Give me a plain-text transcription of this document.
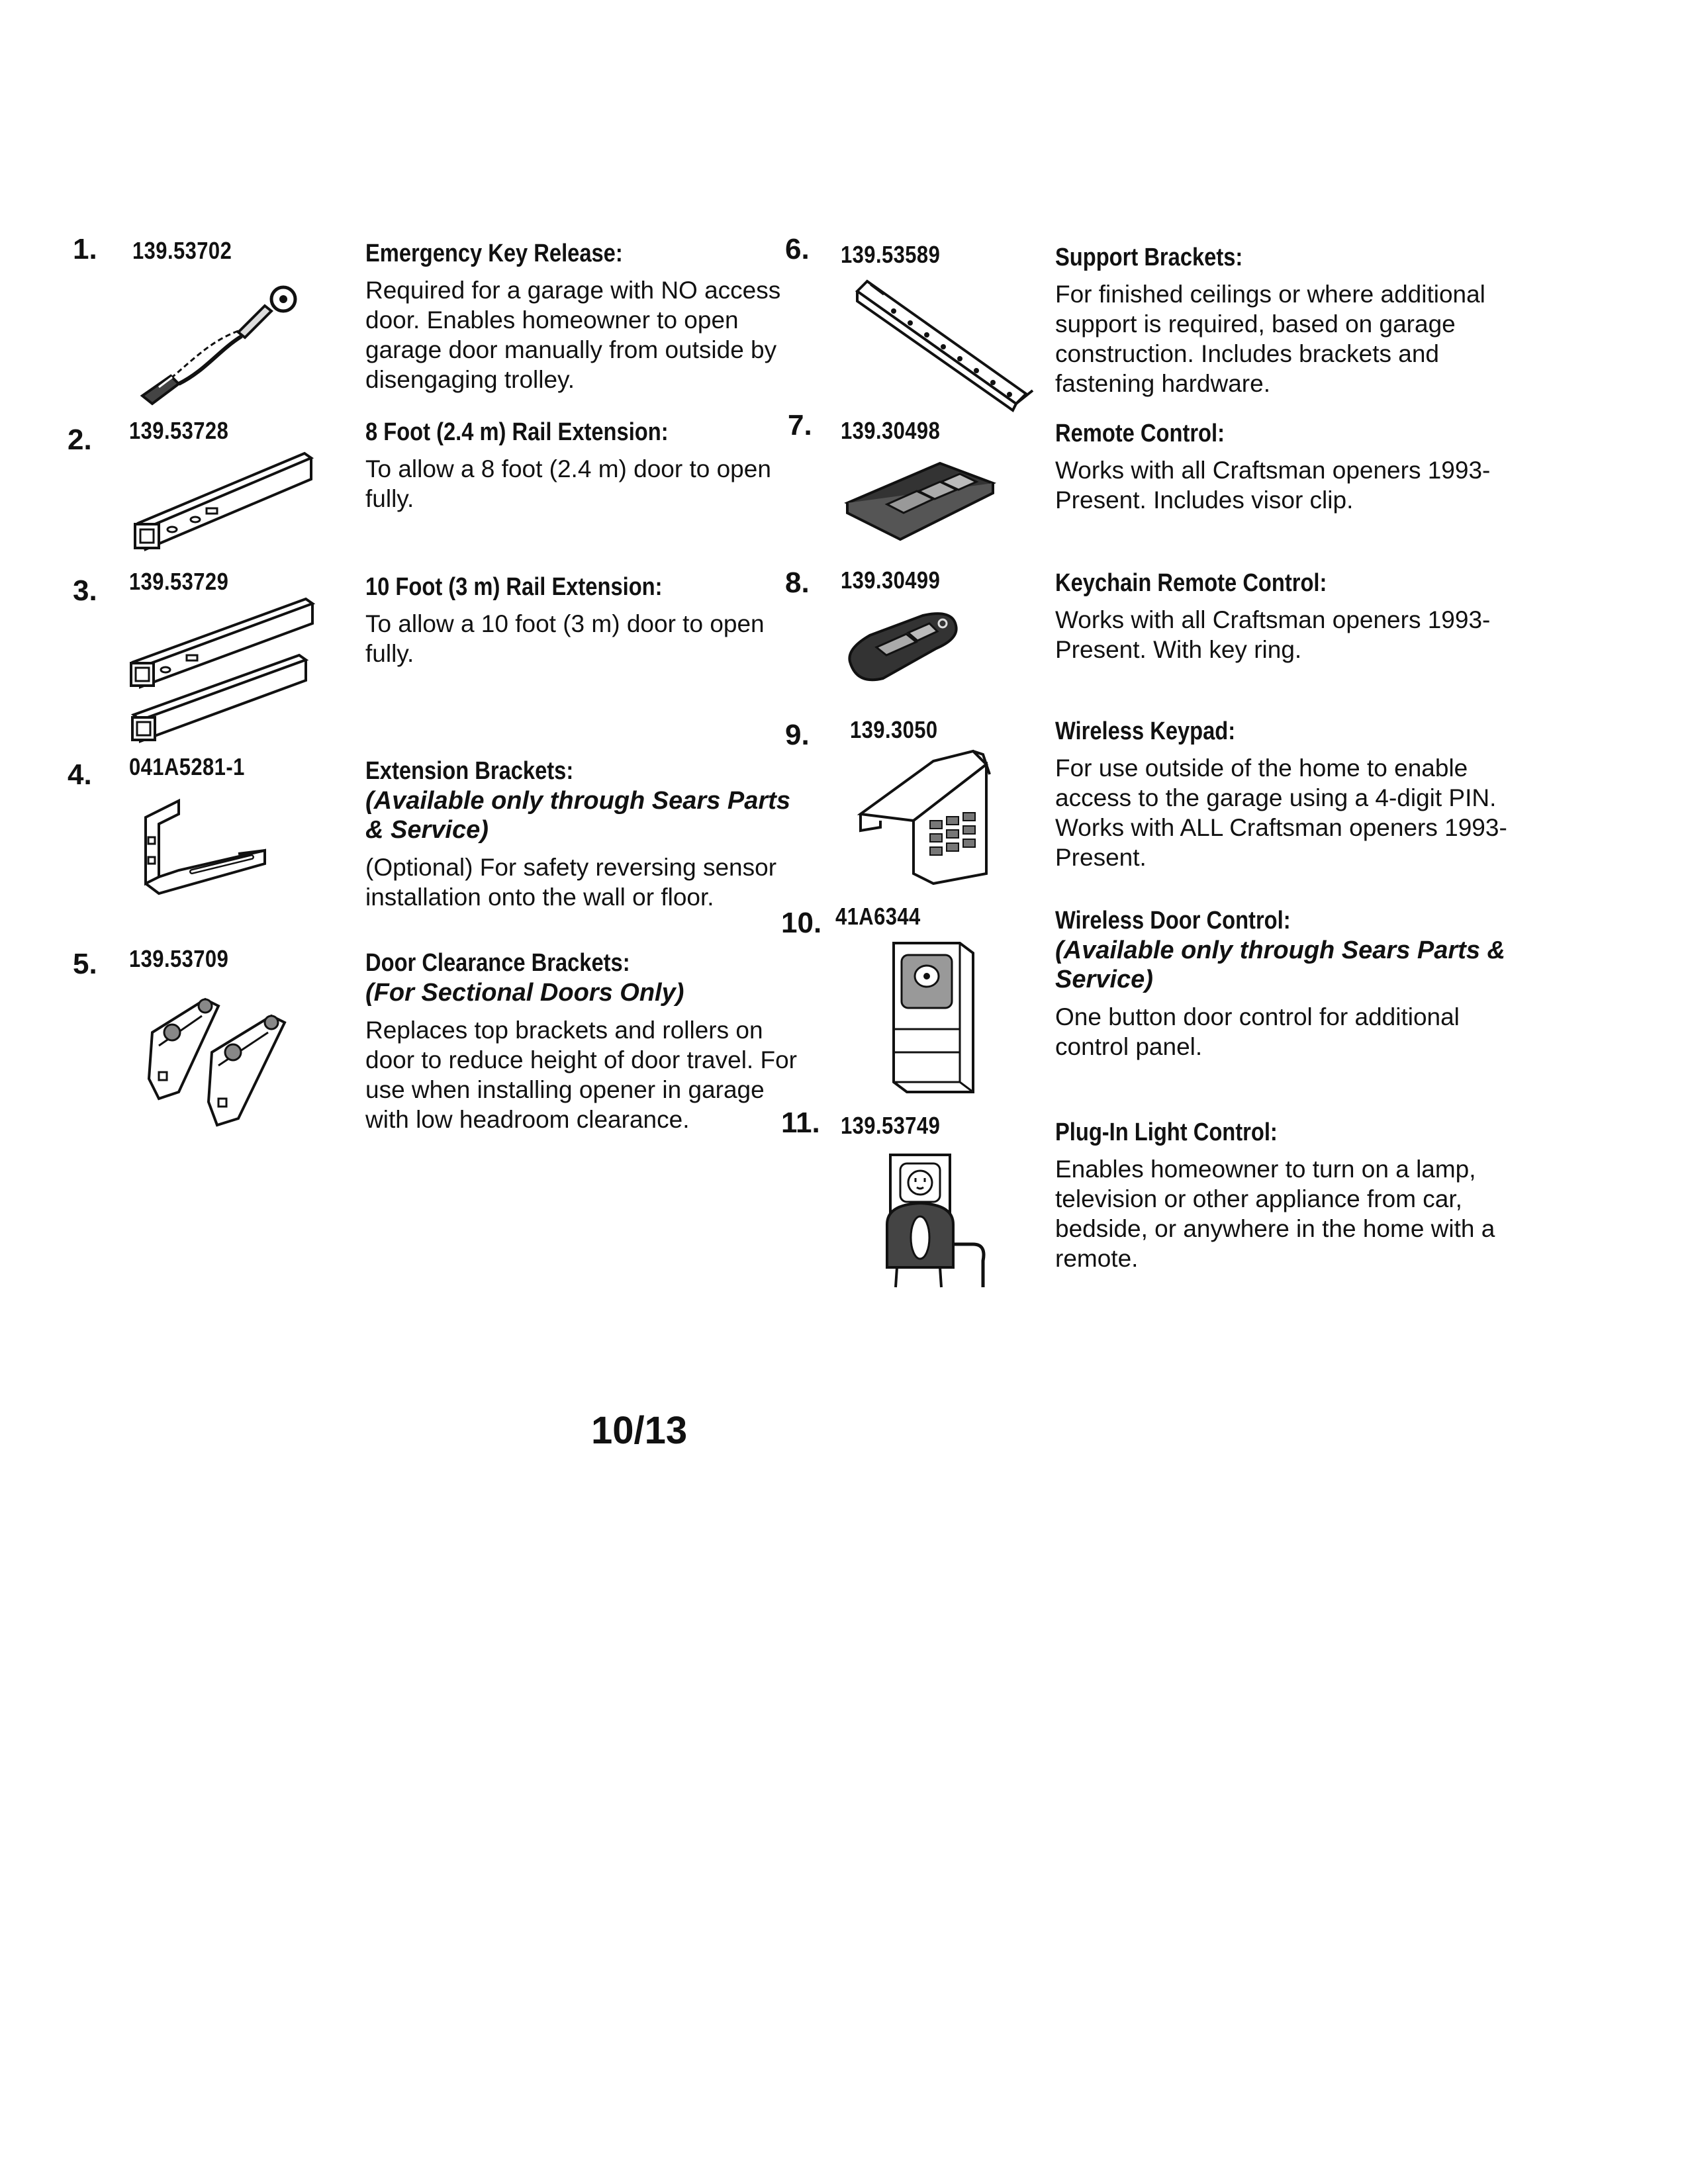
1. 139.53702	Emergency Key Release:
Required for a garage with NO access door. Enables homeowner to open garage door manually from outside by disengaging trolley.
2. 139.53728	8 Foot (2.4 m) Rail Extension:
To allow a 8 foot (2.4 m) door to open fully.
3. 139.53729	10 Foot (3 m) Rail Extension:
To allow a 10 foot (3 m) door to open fully.
4. 041A5281-1	Extension Brackets:
(Available only through Sears Parts & Service)
(Optional) For safety reversing sensor installation onto the wall or floor.
5. 139.53709	Door Clearance Brackets:
(For Sectional Doors Only)
Replaces top brackets and rollers on door to reduce height of door travel. For use when installing opener in garage with low headroom clearance.
6. 139.53589	Support Brackets:
For finished ceilings or where additional support is required, based on garage construction. Includes brackets and fastening hardware.
7. 139.30498	Remote Control:
Works with all Craftsman openers 1993-Present. Includes visor clip.
8. 139.30499	Keychain Remote Control:
Works with all Craftsman openers 1993-Present. With key ring.
9. 139.3050	Wireless Keypad:
For use outside of the home to enable access to the garage using a 4-digit PIN. Works with ALL Craftsman openers 1993-Present.
10. 41A6344	Wireless Door Control:
(Available only through Sears Parts & Service)
One button door control for additional control panel.
11. 139.53749	Plug-In Light Control:
Enables homeowner to turn on a lamp, television or other appliance from car, bedside, or anywhere in the home with a remote.
10/13
